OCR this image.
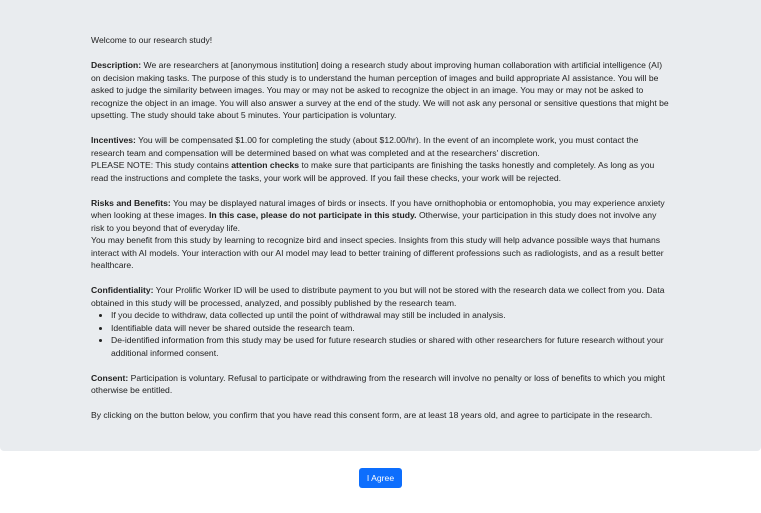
Welcome to our research study!

Description: We are researchers at [anonymous institution] doing a research study about improving human collaboration with artificial intelligence (AI) on decision making tasks. The purpose of this study is to understand the human perception of images and build appropriate AI assistance. You will be asked to judge the similarity between images. You may or may not be asked to recognize the object in an image. You may or may not be asked to recognize the object in an image. You will also answer a survey at the end of the study. We will not ask any personal or sensitive questions that might be upsetting. The study should take about 5 minutes. Your participation is voluntary.

Incentives: You will be compensated $1.00 for completing the study (about $12.00/hr). In the event of an incomplete work, you must contact the research team and compensation will be determined based on what was completed and at the researchers' discretion.

PLEASE NOTE: This study contains attention checks to make sure that participants are finishing the tasks honestly and completely. As long as you read the instructions and complete the tasks, your work will be approved. If you fail these checks, your work will be rejected.

Risks and Benefits: You may be displayed natural images of birds or insects. If you have ornithophobia or entomophobia, you may experience anxiety when looking at these images. In this case, please do not participate in this study. Otherwise, your participation in this study does not involve any risk to you beyond that of everyday life.

You may benefit from this study by learning to recognize bird and insect species. Insights from this study will help advance possible ways that humans interact with AI models. Your interaction with our AI model may lead to better training of different professions such as radiologists, and as a result better healthcare.

Confidentiality: Your Prolific Worker ID will be used to distribute payment to you but will not be stored with the research data we collect from you. Data obtained in this study will be processed, analyzed, and possibly published by the research team.

• If you decide to withdraw, data collected up until the point of withdrawal may still be included in analysis.
• Identifiable data will never be shared outside the research team.
• De-identified information from this study may be used for future research studies or shared with other researchers for future research without your additional informed consent.

Consent: Participation is voluntary. Refusal to participate or withdrawing from the research will involve no penalty or loss of benefits to which you might otherwise be entitled.

By clicking on the button below, you confirm that you have read this consent form, are at least 18 years old, and agree to participate in the research.

I Agree
